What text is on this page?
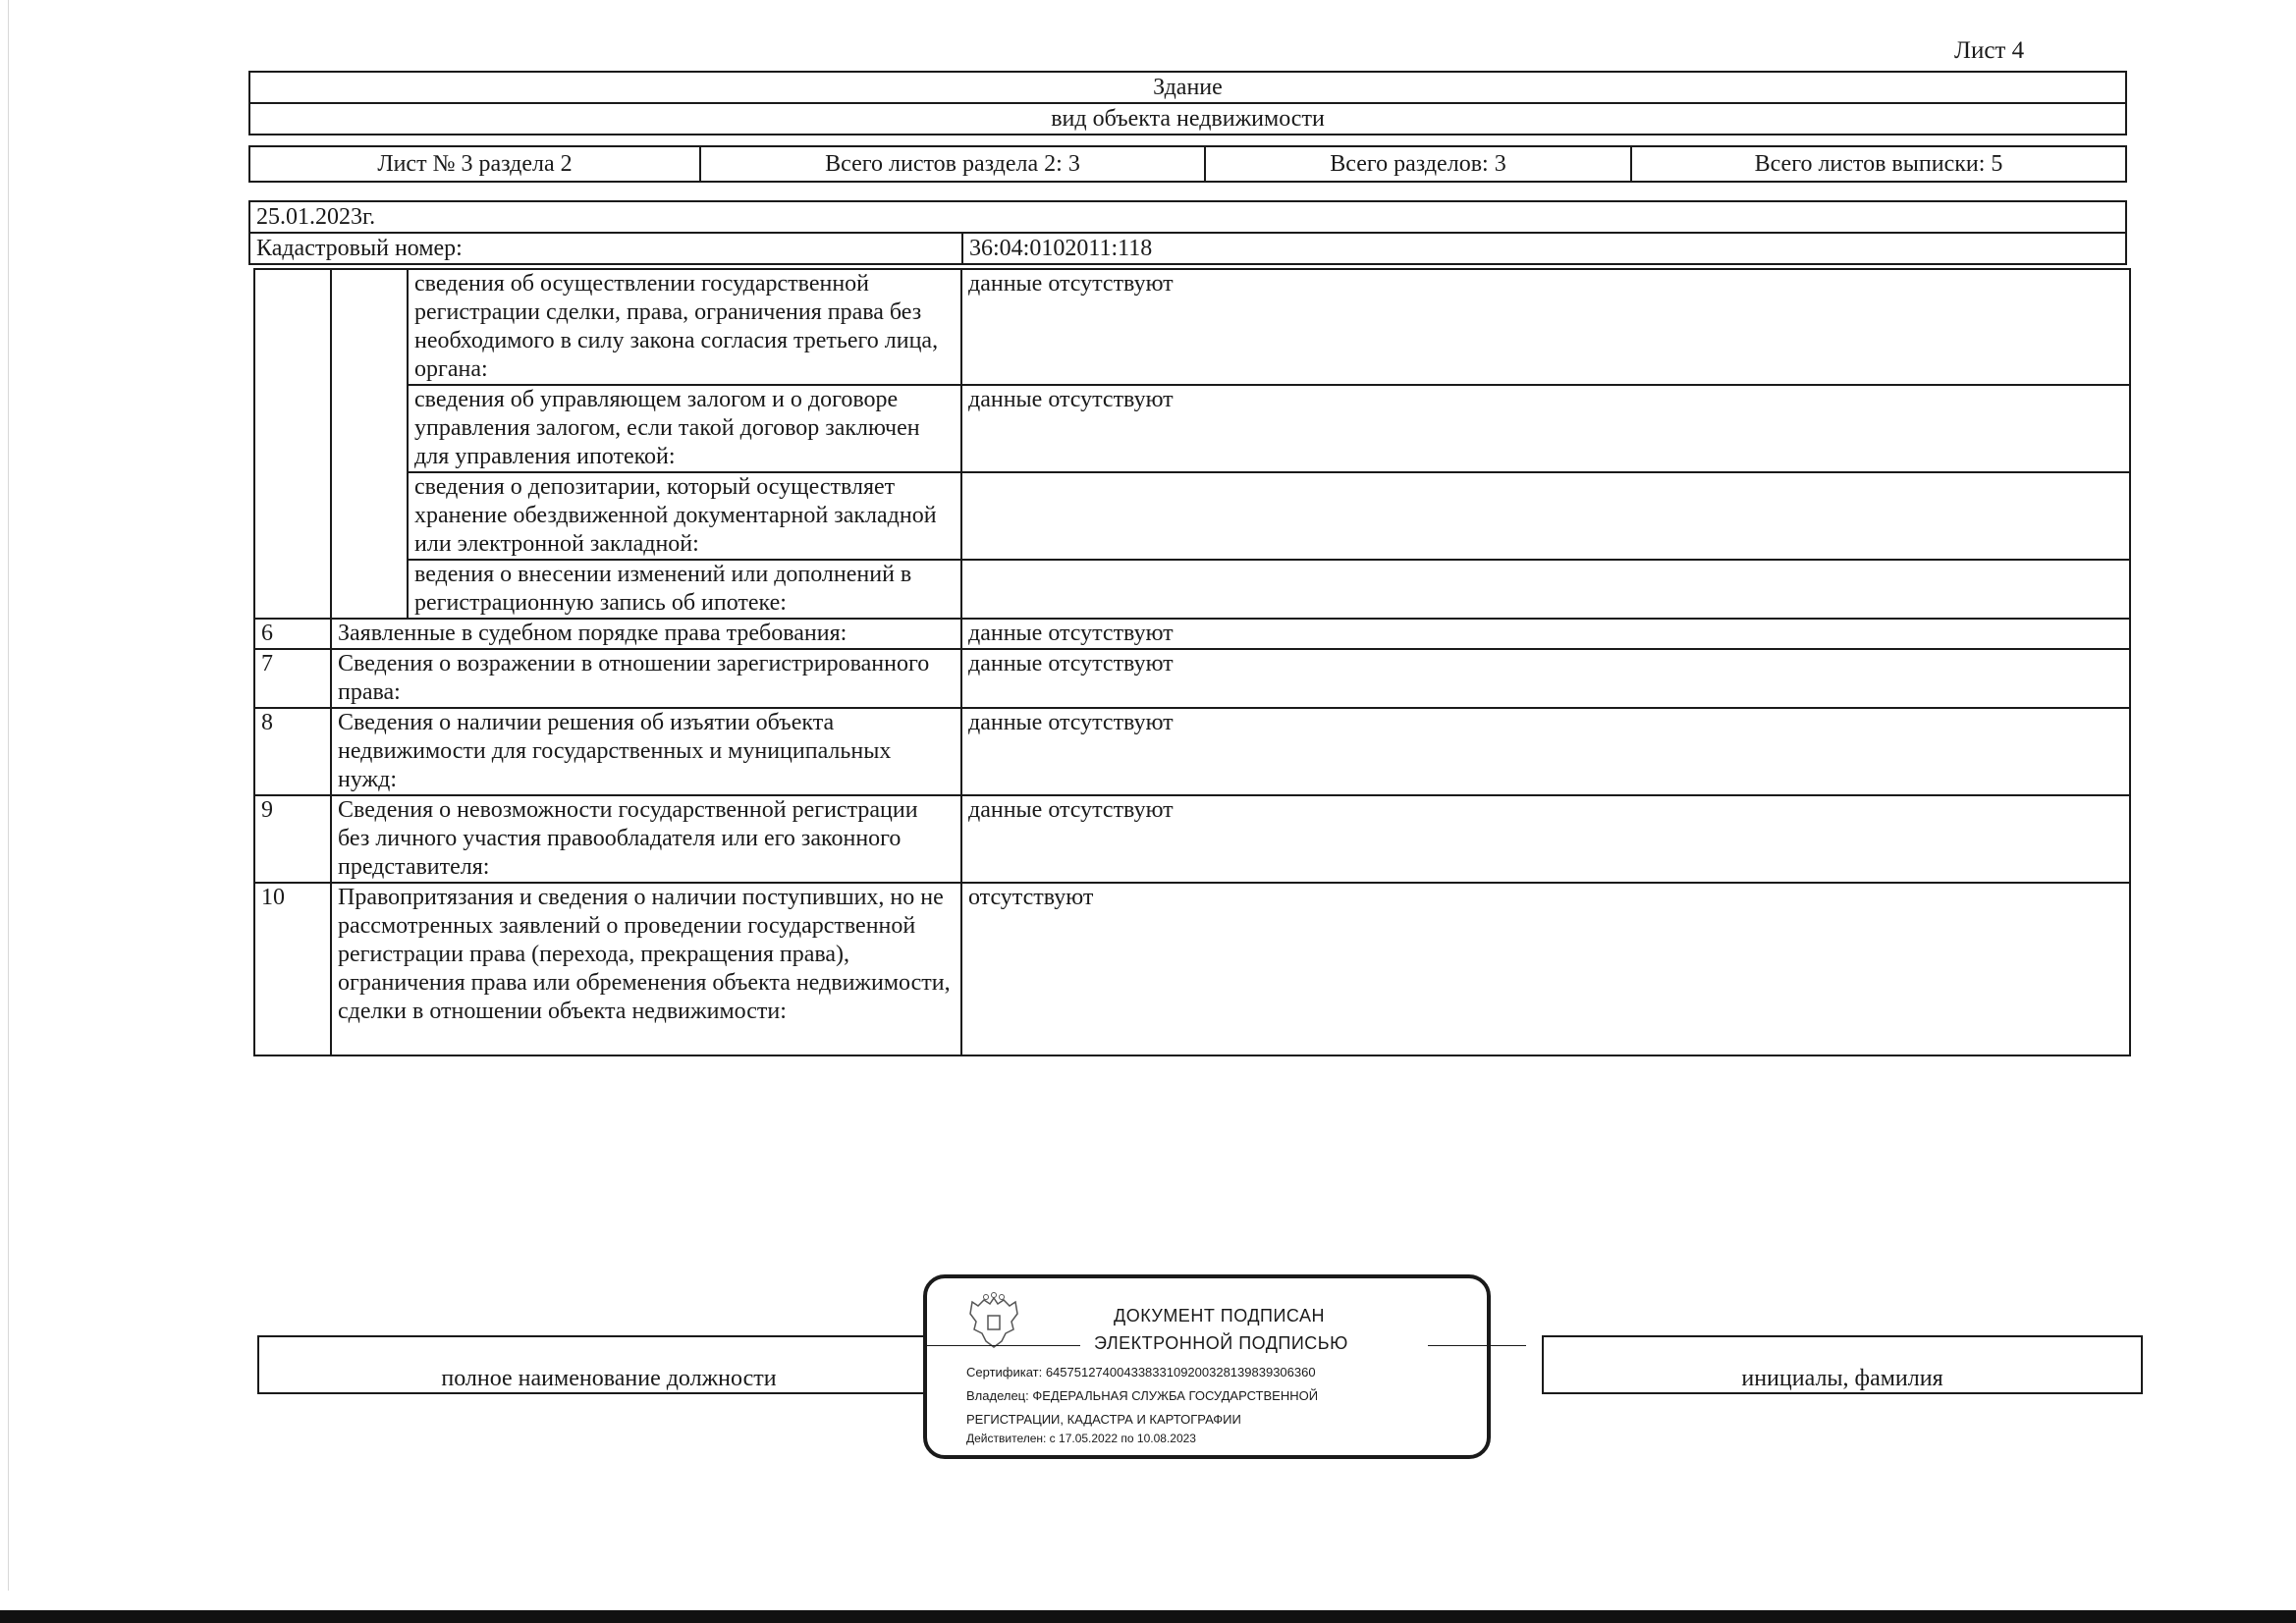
Лист 4
Здание
вид объекта недвижимости
Лист № 3 раздела 2	Всего листов раздела 2: 3	Всего разделов: 3	Всего листов выписки: 5
25.01.2023г.
Кадастровый номер:	36:04:0102011:118
		сведения об осуществлении государственной регистрации сделки, права, ограничения права без необходимого в силу закона согласия третьего лица, органа:	данные отсутствуют
		сведения об управляющем залогом и о договоре управления залогом, если такой договор заключен для управления ипотекой:	данные отсутствуют
		сведения о депозитарии, который осуществляет хранение обездвиженной документарной закладной или электронной закладной:	
		ведения о внесении изменений или дополнений в регистрационную запись об ипотеке:	
6	Заявленные в судебном порядке права требования:		данные отсутствуют
7	Сведения о возражении в отношении зарегистрированного права:		данные отсутствуют
8	Сведения о наличии решения об изъятии объекта недвижимости для государственных и муниципальных нужд:		данные отсутствуют
9	Сведения о невозможности государственной регистрации без личного участия правообладателя или его законного представителя:		данные отсутствуют
10	Правопритязания и сведения о наличии поступивших, но не рассмотренных заявлений о проведении государственной регистрации права (перехода, прекращения права), ограничения права или обременения объекта недвижимости, сделки в отношении объекта недвижимости:		отсутствуют
полное наименование должности		инициалы, фамилия
ДОКУМЕНТ ПОДПИСАН
ЭЛЕКТРОННОЙ ПОДПИСЬЮ
Сертификат: 64575127400433833109200328139839306360
Владелец: ФЕДЕРАЛЬНАЯ СЛУЖБА ГОСУДАРСТВЕННОЙ
РЕГИСТРАЦИИ, КАДАСТРА И КАРТОГРАФИИ
Действителен: с 17.05.2022 по 10.08.2023
